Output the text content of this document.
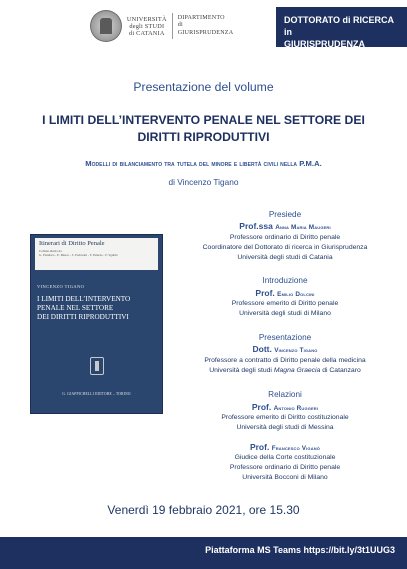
UNIVERSITÀ
degli STUDI
di CATANIA
DIPARTIMENTO
di GIURISPRUDENZA
DOTTORATO di RICERCA in
GIURISPRUDENZA
Presentazione del volume
I LIMITI DELL’INTERVENTO PENALE NEL SETTORE DEI
DIRITTI RIPRODUTTIVI
Modelli di bilanciamento tra tutela del minore e libertà civili nella P.M.A.
di Vincenzo Tigano
Itinerari di Diritto Penale
Collana diretta da
G. Fiandaca - E. Musco - T. Padovani - F. Palazzo - F. Sgubbi
VINCENZO TIGANO
I LIMITI DELL’INTERVENTO
PENALE NEL SETTORE
DEI DIRITTI RIPRODUTTIVI
G. GIAPPICHELLI EDITORE – TORINO
Presiede
Prof.ssa Anna Maria Maugeri
Professore ordinario di Diritto penale
Coordinatore del Dottorato di ricerca in Giurisprudenza
Università degli studi di Catania
Introduzione
Prof. Emilio Dolcini
Professore emerito di Diritto penale
Università degli studi di Milano
Presentazione
Dott. Vincenzo Tigano
Professore a contratto di Diritto penale della medicina
Università degli studi Magna Graecia di Catanzaro
Relazioni
Prof. Antonio Ruggeri
Professore emerito di Diritto costituzionale
Università degli studi di Messina
Prof. Francesco Viganò
Giudice della Corte costituzionale
Professore ordinario di Diritto penale
Università Bocconi di Milano
Venerdì 19 febbraio 2021, ore 15.30
Piattaforma MS Teams https://bit.ly/3t1UUG3
